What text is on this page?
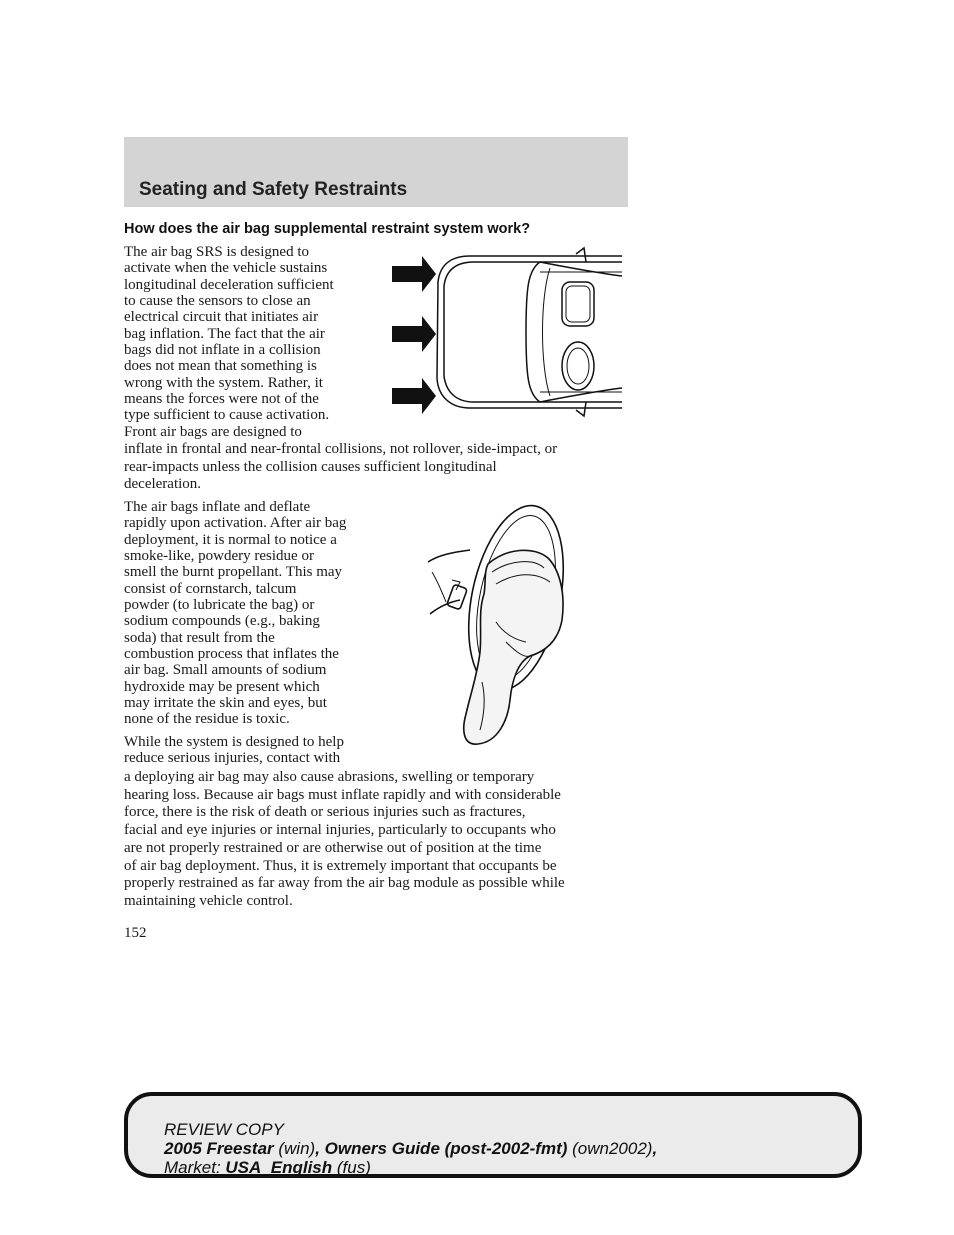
Seating and Safety Restraints
How does the air bag supplemental restraint system work?
The air bag SRS is designed to
activate when the vehicle sustains
longitudinal deceleration sufficient
to cause the sensors to close an
electrical circuit that initiates air
bag inflation. The fact that the air
bags did not inflate in a collision
does not mean that something is
wrong with the system. Rather, it
means the forces were not of the
type sufficient to cause activation.
Front air bags are designed to
inflate in frontal and near-frontal collisions, not rollover, side-impact, or
rear-impacts unless the collision causes sufficient longitudinal
deceleration.
The air bags inflate and deflate
rapidly upon activation. After air bag
deployment, it is normal to notice a
smoke-like, powdery residue or
smell the burnt propellant. This may
consist of cornstarch, talcum
powder (to lubricate the bag) or
sodium compounds (e.g., baking
soda) that result from the
combustion process that inflates the
air bag. Small amounts of sodium
hydroxide may be present which
may irritate the skin and eyes, but
none of the residue is toxic.
While the system is designed to help
reduce serious injuries, contact with
a deploying air bag may also cause abrasions, swelling or temporary
hearing loss. Because air bags must inflate rapidly and with considerable
force, there is the risk of death or serious injuries such as fractures,
facial and eye injuries or internal injuries, particularly to occupants who
are not properly restrained or are otherwise out of position at the time
of air bag deployment. Thus, it is extremely important that occupants be
properly restrained as far away from the air bag module as possible while
maintaining vehicle control.

152

REVIEW COPY
2005 Freestar (win), Owners Guide (post-2002-fmt) (own2002),
Market: USA_English (fus)
